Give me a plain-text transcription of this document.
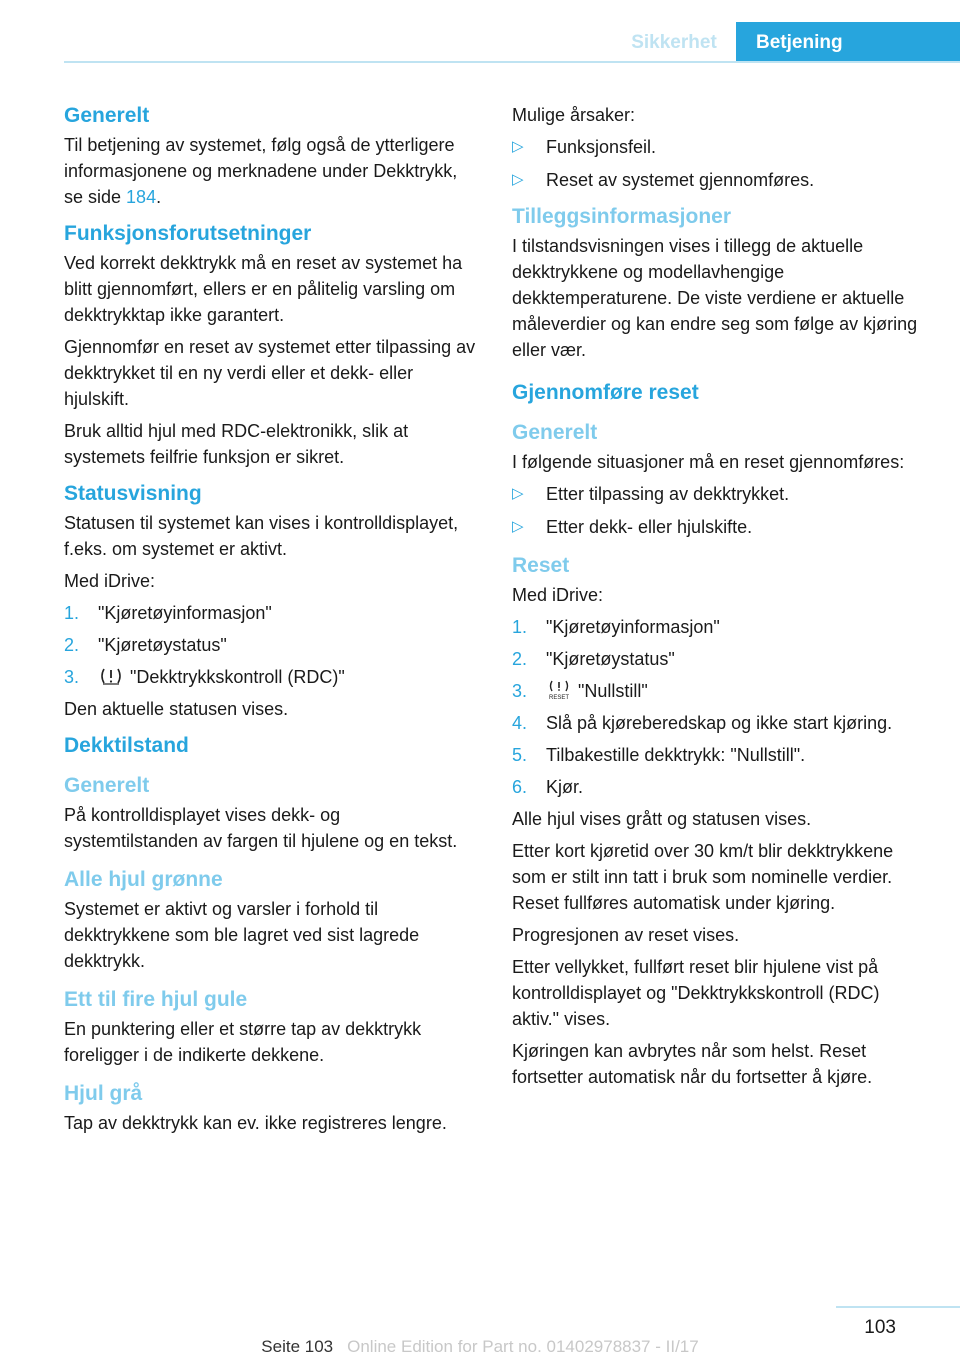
Sikkerhet	Betjening
Generelt

Til betjening av systemet, følg også de ytterligere informasjonene og merknadene under Dekktrykk, se side 184.

Funksjonsforutsetninger

Ved korrekt dekktrykk må en reset av systemet ha blitt gjennomført, ellers er en pålitelig varsling om dekktrykktap ikke garantert.

Gjennomfør en reset av systemet etter tilpassing av dekktrykket til en ny verdi eller et dekk- eller hjulskift.

Bruk alltid hjul med RDC-elektronikk, slik at systemets feilfrie funksjon er sikret.

Statusvisning

Statusen til systemet kan vises i kontrolldisplayet, f.eks. om systemet er aktivt.

Med iDrive:

1. "Kjøretøyinformasjon"
2. "Kjøretøystatus"
3.	"Dekktrykkskontroll (RDC)"

Den aktuelle statusen vises.

Dekktilstand
Generelt

På kontrolldisplayet vises dekk- og systemtilstanden av fargen til hjulene og en tekst.

Alle hjul grønne

Systemet er aktivt og varsler i forhold til dekktrykkene som ble lagret ved sist lagrede dekktrykk.

Ett til fire hjul gule

En punktering eller et større tap av dekktrykk foreligger i de indikerte dekkene.

Hjul grå

Tap av dekktrykk kan ev. ikke registreres lengre.

Mulige årsaker:

▷ Funksjonsfeil.
▷ Reset av systemet gjennomføres.
Tilleggsinformasjoner

I tilstandsvisningen vises i tillegg de aktuelle dekktrykkene og modellavhengige dekktemperaturene. De viste verdiene er aktuelle måleverdier og kan endre seg som følge av kjøring eller vær.

Gjennomføre reset
Generelt

I følgende situasjoner må en reset gjennomføres:

▷ Etter tilpassing av dekktrykket.
▷ Etter dekk- eller hjulskifte.
Reset

Med iDrive:

1. "Kjøretøyinformasjon"
2. "Kjøretøystatus"
3.	RESET "Nullstill"
4. Slå på kjøreberedskap og ikke start kjøring.
5. Tilbakestille dekktrykk: "Nullstill".
6. Kjør.

Alle hjul vises grått og statusen vises.

Etter kort kjøretid over 30 km/t blir dekktrykkene som er stilt inn tatt i bruk som nominelle verdier. Reset fullføres automatisk under kjøring.

Progresjonen av reset vises.

Etter vellykket, fullført reset blir hjulene vist på kontrolldisplayet og "Dekktrykkskontroll (RDC) aktiv." vises.

Kjøringen kan avbrytes når som helst. Reset fortsetter automatisk når du fortsetter å kjøre.

103
Seite 103 Online Edition for Part no. 01402978837 - II/17
